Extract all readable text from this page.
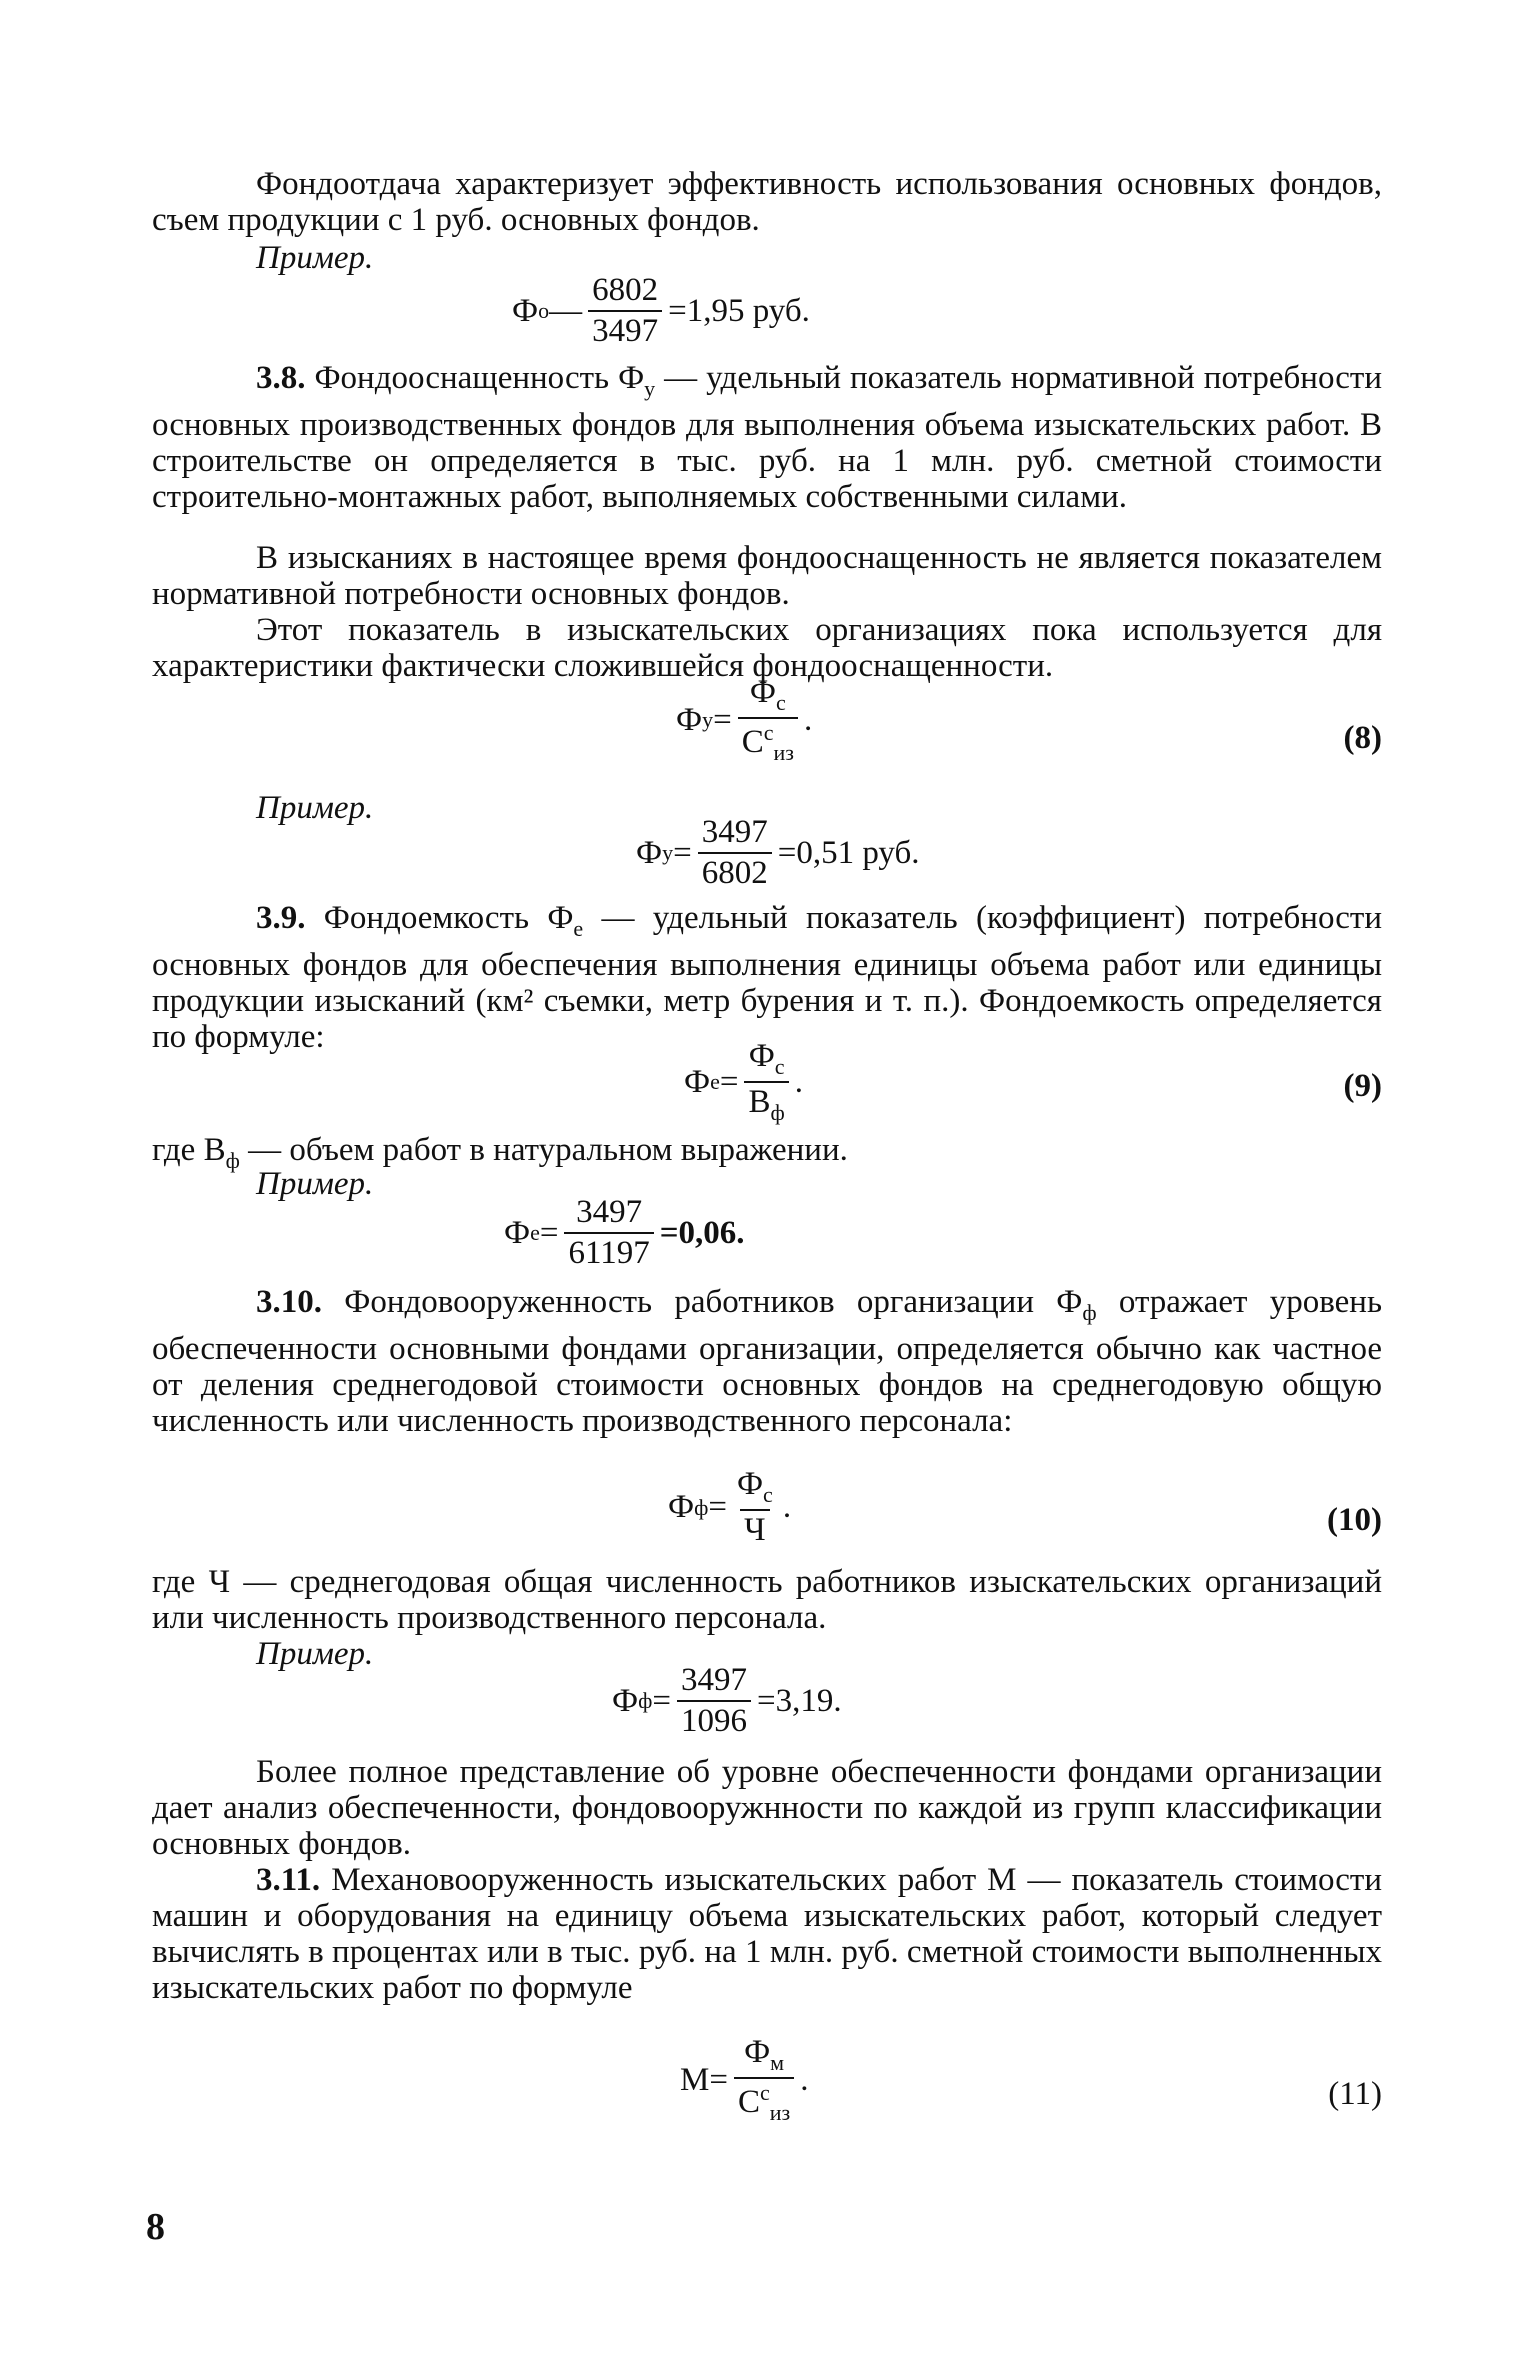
Фондоотдача характеризует эффективность использования основных фондов, съем продукции с 1 руб. основных фондов.
Пример.
Ф о — $\frac{6802}{3497} =1,95$ руб.
3.8. Фондооснащенность $Ф_у$ — удельный показатель нормативной потребности основных производственных фондов для выполнения объема изыскательских работ. В строительстве он определяется в тыс. руб. на 1 млн. руб. сметной стоимости строительно-монтажных работ, выполняемых собственными силами.
В изысканиях в настоящее время фондооснащенность не является показателем нормативной потребности основных фондов.
Этот показатель в изыскательских организациях пока используется для характеристики фактически сложившейся фондооснащенности.
Ф $у = \frac{Ф_с}{С^с_{из}}$ .
(8)
Пример.
Ф $у = \frac{3497}{6802} =0,51$ руб.
3.9. Фондоемкость $Ф_е$ — удельный показатель (коэффициент) потребности основных фондов для обеспечения выполнения единицы объема работ или единицы продукции изысканий (км² съемки, метр бурения и т. п.). Фондоемкость определяется по формуле:
Ф $е = \frac{Ф_с}{В_ф}$ .	(9)
где $В_ф$ — объем работ в натуральном выражении.
Пример.
Ф $е = \frac{3497}{61197} =0,06$.
3.10. Фондовооруженность работников организации $Ф_ф$ отражает уровень обеспеченности основными фондами организации, определяется обычно как частное от деления среднегодовой стоимости основных фондов на среднегодовую общую численность или численность производственного персонала:
Ф $ф = \frac{Ф_с}{Ч}$ .	(10)
где Ч — среднегодовая общая численность работников изыскательских организаций или численность производственного персонала.
Пример.
Ф $ф = \frac{3497}{1096} =3,19$.
Более полное представление об уровне обеспеченности фондами организации дает анализ обеспеченности, фондовооружнности по каждой из групп классификации основных фондов.
3.11. Механовооруженность изыскательских работ М — показатель стоимости машин и оборудования на единицу объема изыскательских работ, который следует вычислять в процентах или в тыс. руб. на 1 млн. руб. сметной стоимости выполненных изыскательских работ по формуле
$М = \frac{Ф_м}{С^с_{из}}$ .	(11)
8
